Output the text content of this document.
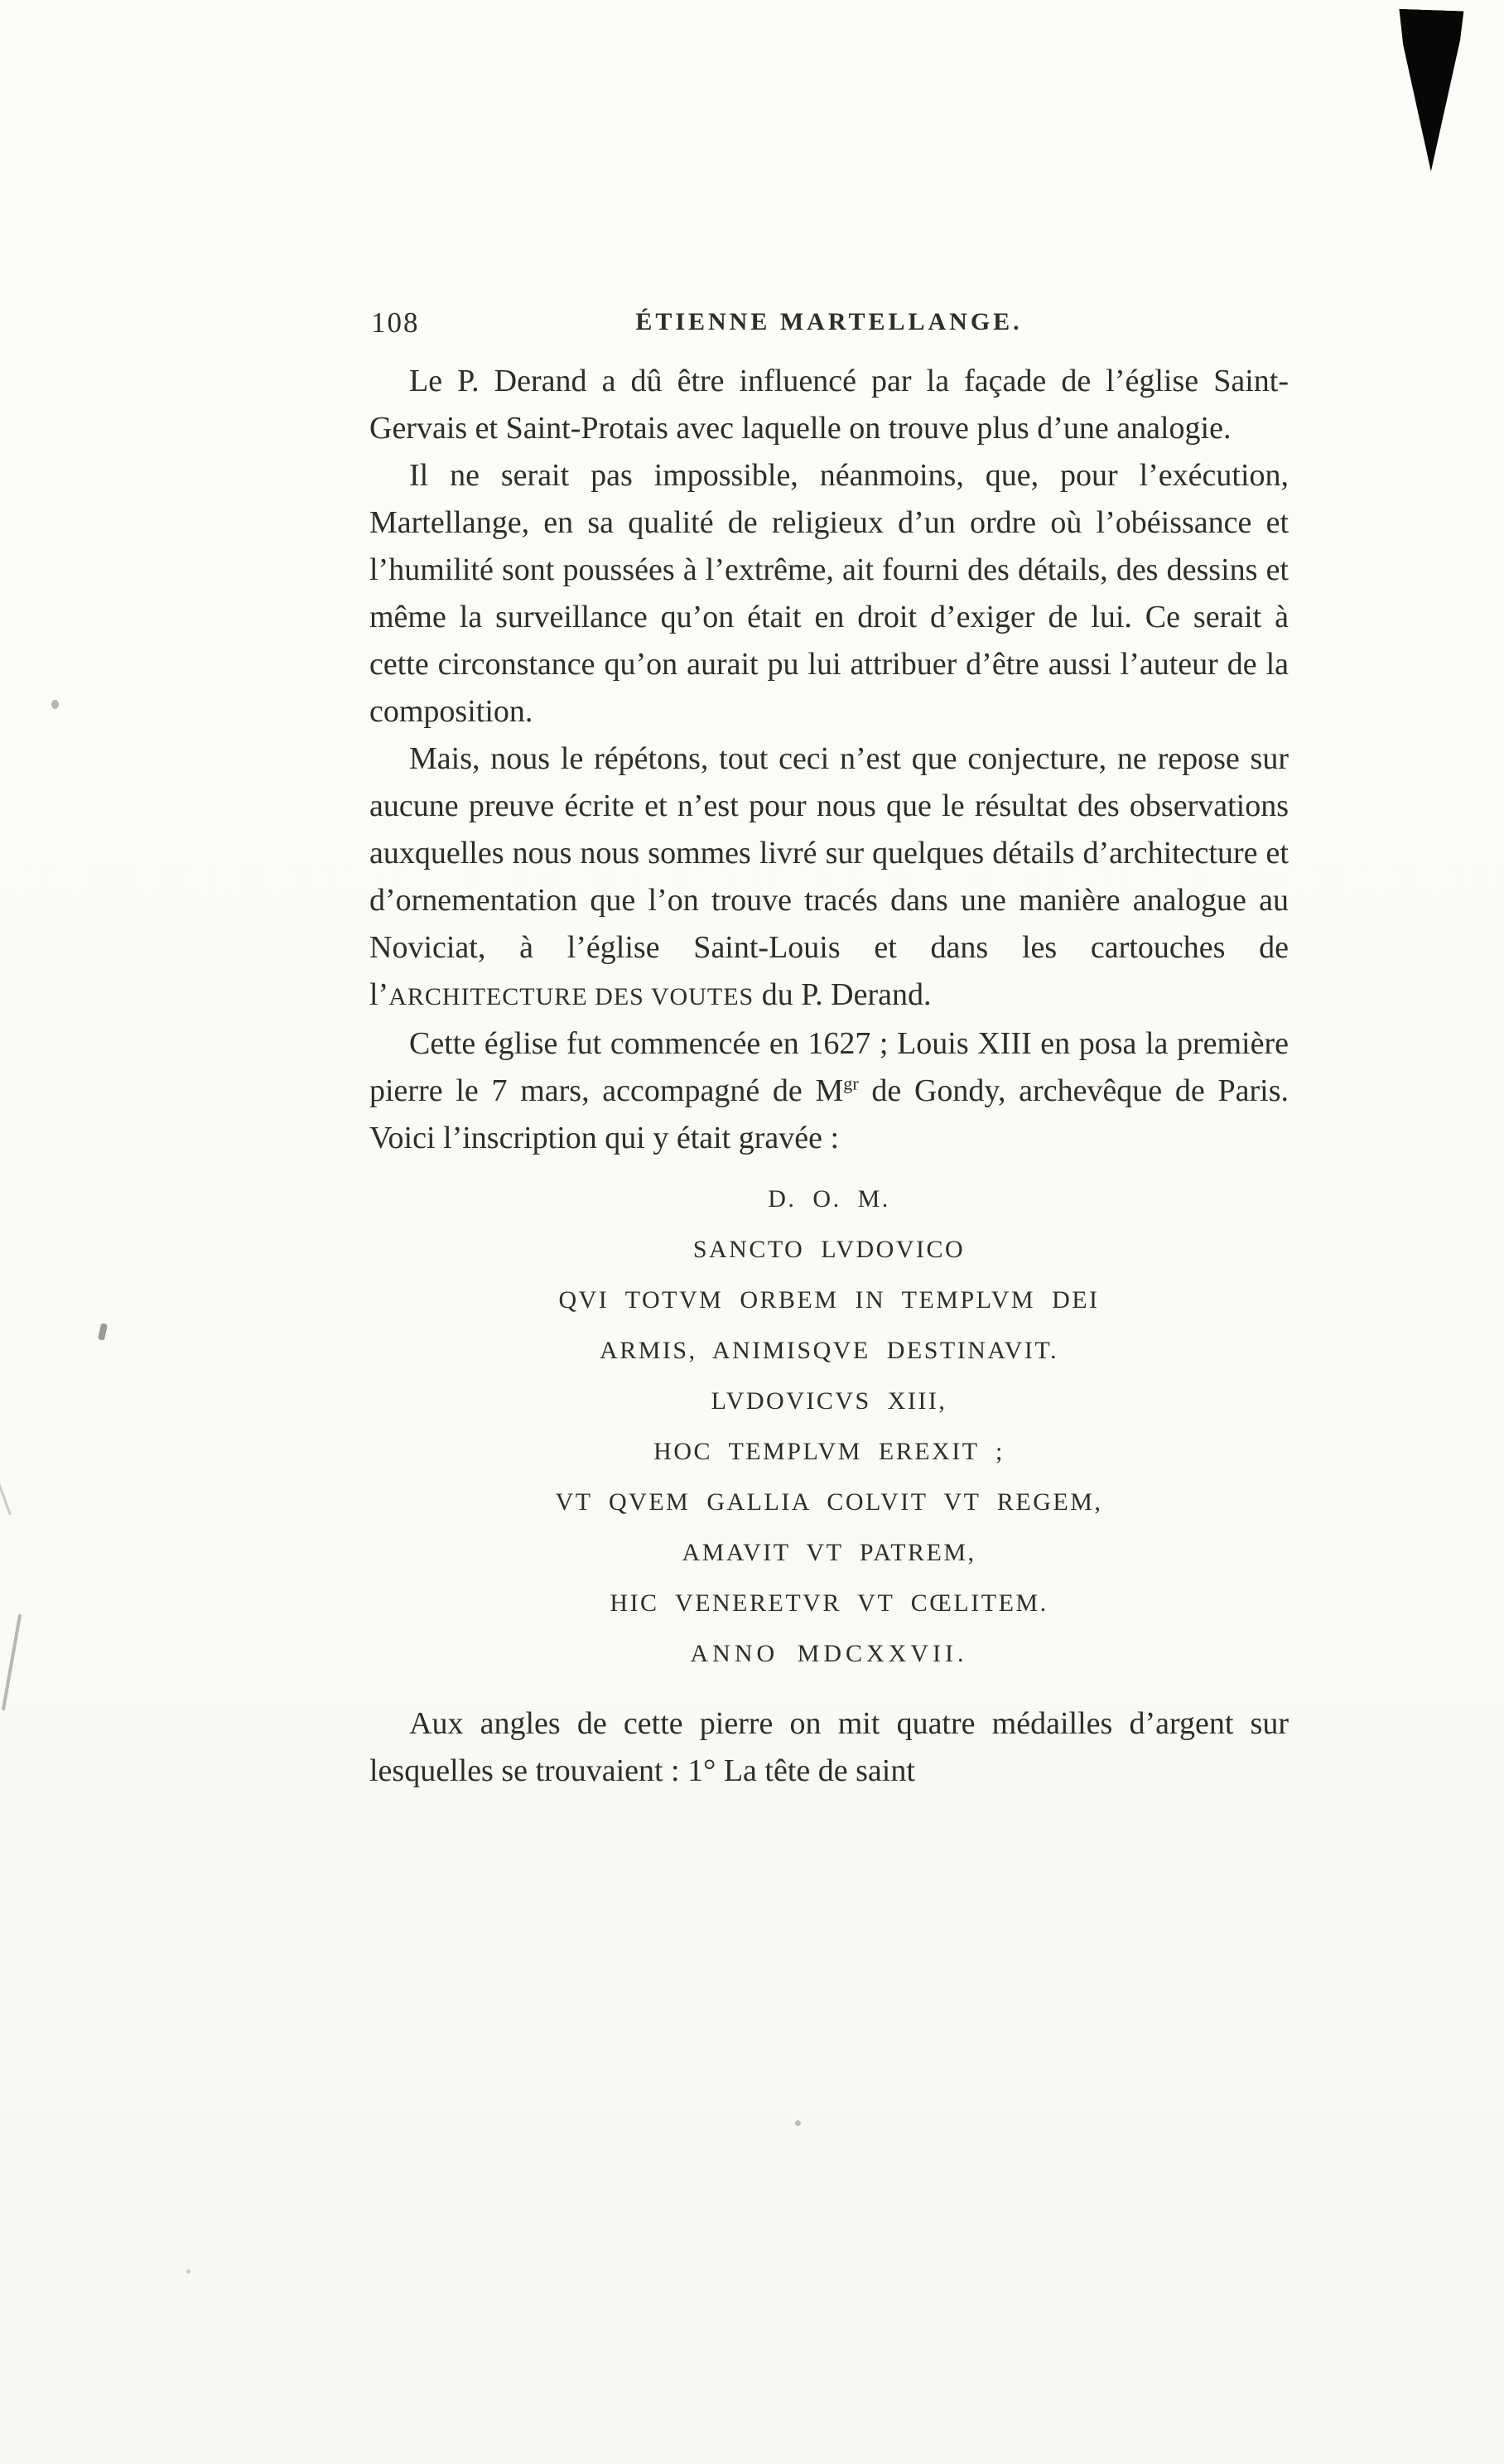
108	ÉTIENNE MARTELLANGE.

Le P. Derand a dû être influencé par la façade de l’église Saint-Gervais et Saint-Protais avec laquelle on trouve plus d’une analogie.

Il ne serait pas impossible, néanmoins, que, pour l’exécution, Martellange, en sa qualité de religieux d’un ordre où l’obéissance et l’humilité sont poussées à l’extrême, ait fourni des détails, des dessins et même la surveillance qu’on était en droit d’exiger de lui. Ce serait à cette circonstance qu’on aurait pu lui attribuer d’être aussi l’auteur de la composition.

Mais, nous le répétons, tout ceci n’est que conjecture, ne repose sur aucune preuve écrite et n’est pour nous que le résultat des observations auxquelles nous nous sommes livré sur quelques détails d’architecture et d’ornementation que l’on trouve tracés dans une manière analogue au Noviciat, à l’église Saint-Louis et dans les cartouches de l’ARCHITECTURE DES VOUTES du P. Derand.

Cette église fut commencée en 1627 ; Louis XIII en posa la première pierre le 7 mars, accompagné de $M^{gr}$ de Gondy, archevêque de Paris. Voici l’inscription qui y était gravée :

D. O. M.
SANCTO LVDOVICO
QVI TOTVM ORBEM IN TEMPLVM DEI
ARMIS, ANIMISQVE DESTINAVIT.
LVDOVICVS XIII,
HOC TEMPLVM EREXIT ;
VT QVEM GALLIA COLVIT VT REGEM,
AMAVIT VT PATREM,
HIC VENERETVR VT CŒLITEM.
ANNO MDCXXVII.

Aux angles de cette pierre on mit quatre médailles d’argent sur lesquelles se trouvaient : 1° La tête de saint
